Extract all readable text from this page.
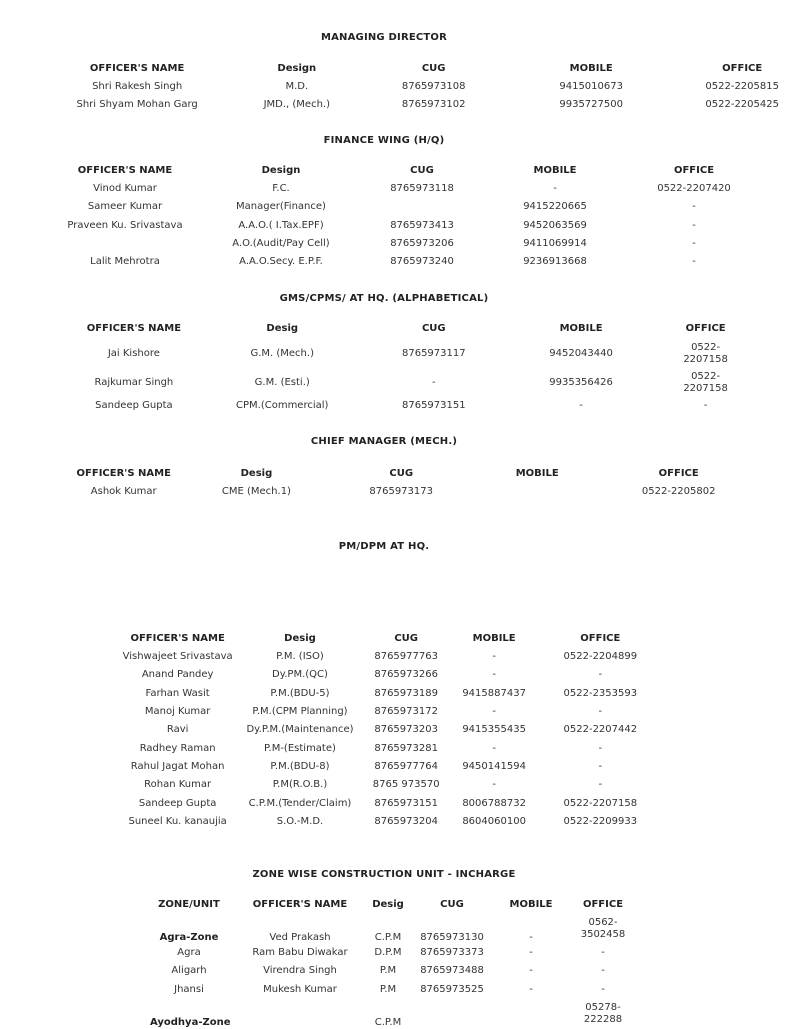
MANAGING DIRECTOR
OFFICER'S NAME	Design	CUG	MOBILE	OFFICE
Shri Rakesh Singh	M.D.	8765973108	9415010673	0522-2205815
Shri Shyam Mohan Garg	JMD., (Mech.)	8765973102	9935727500	0522-2205425
FINANCE WING (H/Q)
OFFICER'S NAME	Design	CUG	MOBILE	OFFICE
Vinod Kumar	F.C.	8765973118	-	0522-2207420
Sameer Kumar	Manager(Finance)		9415220665	-
Praveen Ku. Srivastava	A.A.O.( I.Tax.EPF)	8765973413	9452063569	-
	A.O.(Audit/Pay Cell)	8765973206	9411069914	-
Lalit Mehrotra	A.A.O.Secy. E.P.F.	8765973240	9236913668	-
GMS/CPMS/ AT HQ. (ALPHABETICAL)
OFFICER'S NAME	Desig	CUG	MOBILE	OFFICE
Jai Kishore	G.M. (Mech.)	8765973117	9452043440	0522-
2207158
Rajkumar Singh	G.M. (Esti.)	-	9935356426	0522-
2207158
Sandeep Gupta	CPM.(Commercial)	8765973151	-	-
CHIEF MANAGER (MECH.)
OFFICER'S NAME	Desig	CUG	MOBILE	OFFICE
Ashok Kumar	CME (Mech.1)	8765973173		0522-2205802
PM/DPM AT HQ.
OFFICER'S NAME	Desig	CUG	MOBILE	OFFICE
Vishwajeet Srivastava	P.M. (ISO)	8765977763	-	0522-2204899
Anand Pandey	Dy.PM.(QC)	8765973266	-	-
Farhan Wasit	P.M.(BDU-5)	8765973189	9415887437	0522-2353593
Manoj Kumar	P.M.(CPM Planning)	8765973172	-	-
Ravi	Dy.P.M.(Maintenance)	8765973203	9415355435	0522-2207442
Radhey Raman	P.M-(Estimate)	8765973281	-	-
Rahul Jagat Mohan	P.M.(BDU-8)	8765977764	9450141594	-
Rohan Kumar	P.M(R.O.B.)	8765 973570	-	-
Sandeep Gupta	C.P.M.(Tender/Claim)	8765973151	8006788732	0522-2207158
Suneel Ku. kanaujia	S.O.-M.D.	8765973204	8604060100	0522-2209933
ZONE WISE CONSTRUCTION UNIT - INCHARGE
ZONE/UNIT	OFFICER'S NAME	Desig	CUG	MOBILE	OFFICE
Agra-Zone	Ved Prakash	C.P.M	8765973130	-	0562-
3502458
Agra	Ram Babu Diwakar	D.P.M	8765973373	-	-
Aligarh	Virendra Singh	P.M	8765973488	-	-
Jhansi	Mukesh Kumar	P.M	8765973525	-	-
Ayodhya-Zone		C.P.M			05278-
222288
